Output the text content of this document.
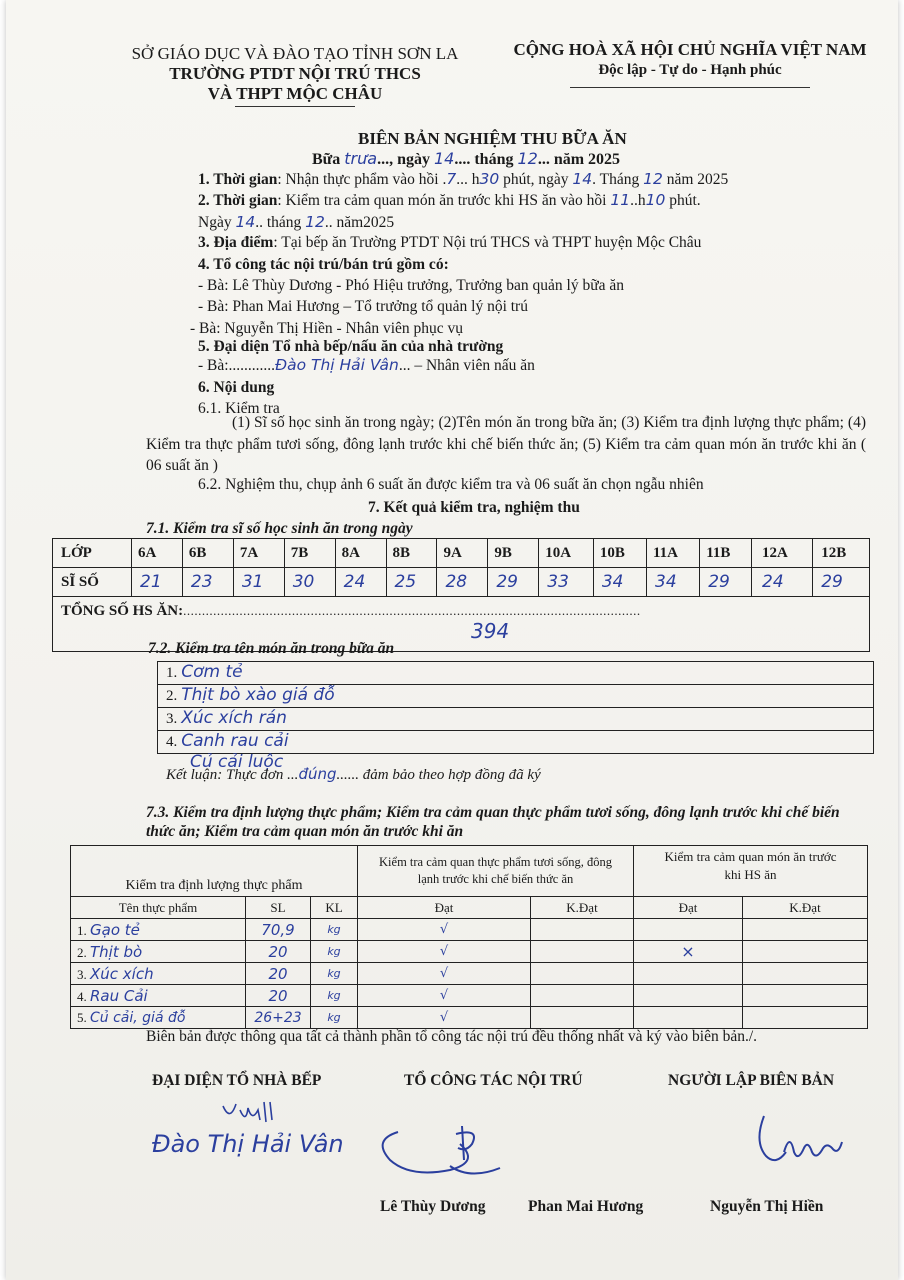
SỞ GIÁO DỤC VÀ ĐÀO TẠO TỈNH SƠN LA
TRƯỜNG PTDT NỘI TRÚ THCS
VÀ THPT MỘC CHÂU
CỘNG HOÀ XÃ HỘI CHỦ NGHĨA VIỆT NAM
Độc lập - Tự do - Hạnh phúc
BIÊN BẢN NGHIỆM THU BỮA ĂN
Bữa trưa..., ngày 14.... tháng 12... năm 2025
1. Thời gian: Nhận thực phẩm vào hồi .7... h30 phút, ngày 14. Tháng 12 năm 2025
2. Thời gian: Kiểm tra cảm quan món ăn trước khi HS ăn vào hồi 11..h10 phút.
Ngày 14.. tháng 12.. năm2025
3. Địa điểm: Tại bếp ăn Trường PTDT Nội trú THCS và THPT huyện Mộc Châu
4. Tổ công tác nội trú/bán trú gồm có:
- Bà: Lê Thùy Dương - Phó Hiệu trưởng, Trưởng ban quản lý bữa ăn
- Bà: Phan Mai Hương – Tổ trưởng tổ quản lý nội trú
- Bà: Nguyễn Thị Hiền - Nhân viên phục vụ
5. Đại diện Tổ nhà bếp/nấu ăn của nhà trường
- Bà:............Đào Thị Hải Vân... – Nhân viên nấu ăn
6. Nội dung
6.1. Kiểm tra
(1) Sĩ số học sinh ăn trong ngày; (2)Tên món ăn trong bữa ăn; (3) Kiểm tra định lượng thực phẩm; (4) Kiểm tra thực phẩm tươi sống, đông lạnh trước khi chế biến thức ăn; (5) Kiểm tra cảm quan món ăn trước khi ăn ( 06 suất ăn )
6.2. Nghiệm thu, chụp ảnh 6 suất ăn được kiểm tra và 06 suất ăn chọn ngẫu nhiên
7. Kết quả kiểm tra, nghiệm thu
7.1. Kiểm tra sĩ số học sinh ăn trong ngày
LỚP	6A	6B	7A	7B	8A	8B	9A	9B	10A	10B	11A	11B	12A	12B
SĨ SỐ	21	23	31	30	24	25	28	29	33	34	34	29	24	29
TỔNG SỐ HS ĂN:..........................................................................................................................
394														
7.2. Kiểm tra tên món ăn trong bữa ăn
1. Cơm tẻ
2. Thịt bò xào giá đỗ
3. Xúc xích rán
4. Canh rau cải
Củ cải luộc
Kết luận: Thực đơn ...đúng...... đảm bảo theo hợp đồng đã ký
7.3. Kiểm tra định lượng thực phẩm; Kiểm tra cảm quan thực phẩm tươi sống, đông lạnh trước khi chế biến thức ăn; Kiểm tra cảm quan món ăn trước khi ăn
Kiểm tra định lượng thực phẩm			Kiểm tra cảm quan thực phẩm tươi sống, đông lạnh trước khi chế biến thức ăn		Kiểm tra cảm quan món ăn trước khi HS ăn	
Tên thực phẩm	SL	KL	Đạt	K.Đạt	Đạt	K.Đạt
1. Gạo tẻ	70,9	kg	√			
2. Thịt bò	20	kg	√		×	
3. Xúc xích	20	kg	√			
4. Rau Cải	20	kg	√			
5. Củ cải, giá đỗ	26+23	kg	√			
Biên bản được thông qua tất cả thành phần tổ công tác nội trú đều thống nhất và ký vào biên bản./.
ĐẠI DIỆN TỔ NHÀ BẾP	TỔ CÔNG TÁC NỘI TRÚ	NGƯỜI LẬP BIÊN BẢN
Đào Thị Hải Vân
Lê Thùy Dương	Phan Mai Hương	Nguyễn Thị Hiền
